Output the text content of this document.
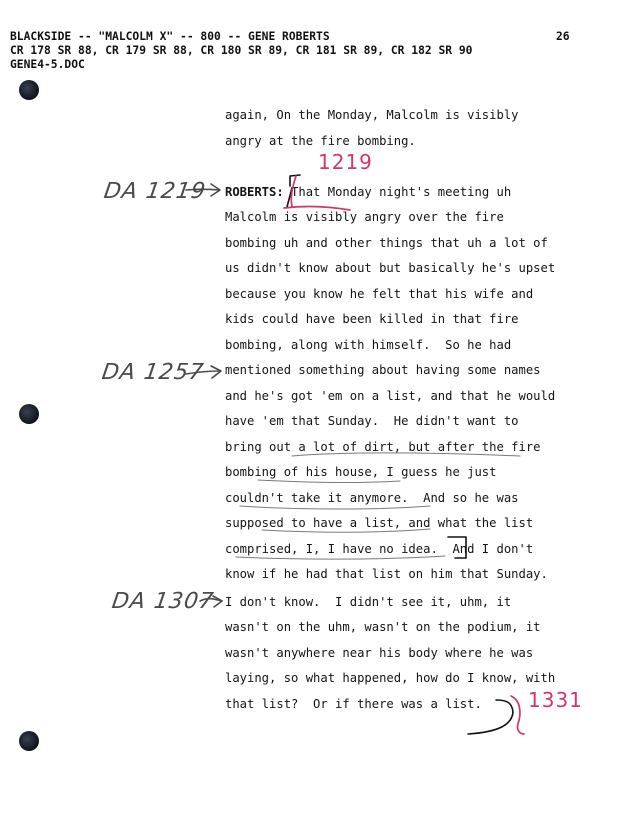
BLACKSIDE -- "MALCOLM X" -- 800 -- GENE ROBERTS
CR 178 SR 88, CR 179 SR 88, CR 180 SR 89, CR 181 SR 89, CR 182 SR 90
GENE4-5.DOC
26
again, On the Monday, Malcolm is visibly
angry at the fire bombing.
ROBERTS: That Monday night's meeting uh
Malcolm is visibly angry over the fire
bombing uh and other things that uh a lot of
us didn't know about but basically he's upset
because you know he felt that his wife and
kids could have been killed in that fire
bombing, along with himself.  So he had
mentioned something about having some names
and he's got 'em on a list, and that he would
have 'em that Sunday.  He didn't want to
bring out a lot of dirt, but after the fire
bombing of his house, I guess he just
couldn't take it anymore.  And so he was
supposed to have a list, and what the list
comprised, I, I have no idea.  And I don't
know if he had that list on him that Sunday.
I don't know.  I didn't see it, uhm, it
wasn't on the uhm, wasn't on the podium, it
wasn't anywhere near his body where he was
laying, so what happened, how do I know, with
that list?  Or if there was a list.
DA 1219
DA 1257
DA 1307
1219
1331
